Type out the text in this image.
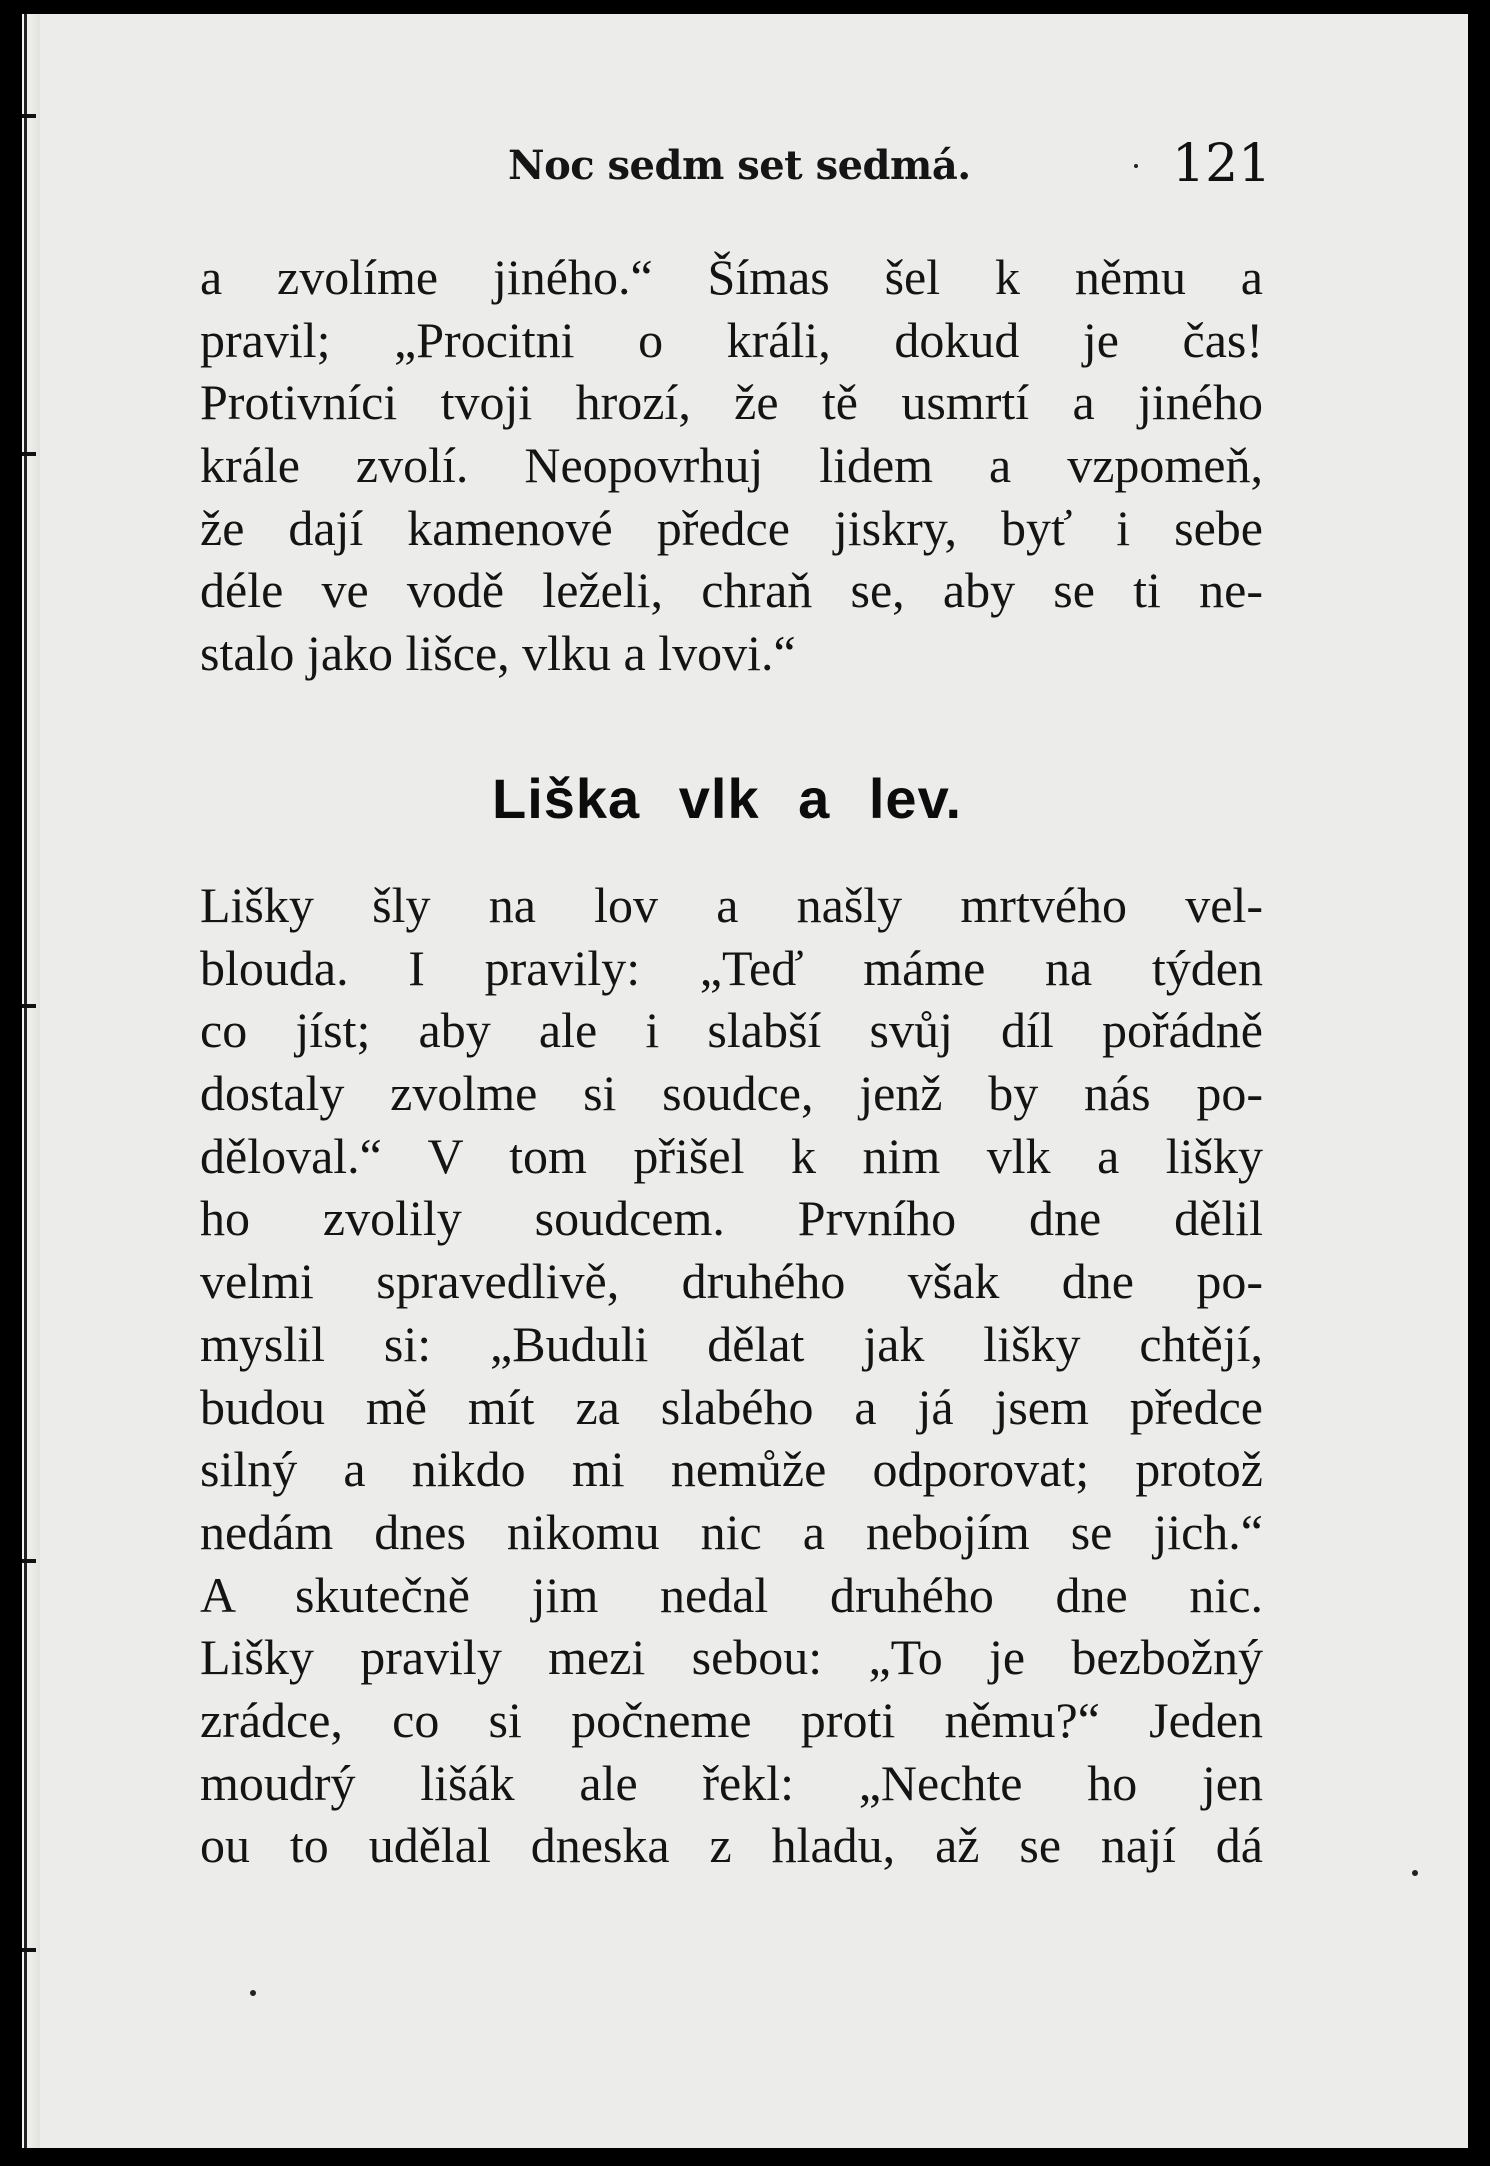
Noc sedm set sedmá.	121
a zvolíme jiného.“ Šímas šel k němu a
pravil; „Procitni o králi, dokud je čas!
Protivníci tvoji hrozí, že tě usmrtí a jiného
krále zvolí. Neopovrhuj lidem a vzpomeň,
že dají kamenové předce jiskry, byť i sebe
déle ve vodě leželi, chraň se, aby se ti ne-
stalo jako lišce, vlku a lvovi.“
Liška vlk a lev.
Lišky šly na lov a našly mrtvého vel-
blouda. I pravily: „Teď máme na týden
co jíst; aby ale i slabší svůj díl pořádně
dostaly zvolme si soudce, jenž by nás po-
děloval.“ V tom přišel k nim vlk a lišky
ho zvolily soudcem. Prvního dne dělil
velmi spravedlivě, druhého však dne po-
myslil si: „Buduli dělat jak lišky chtějí,
budou mě mít za slabého a já jsem předce
silný a nikdo mi nemůže odporovat; protož
nedám dnes nikomu nic a nebojím se jich.“
A skutečně jim nedal druhého dne nic.
Lišky pravily mezi sebou: „To je bezbožný
zrádce, co si počneme proti němu?“ Jeden
moudrý lišák ale řekl: „Nechte ho jen
ou to udělal dneska z hladu, až se nají dá
